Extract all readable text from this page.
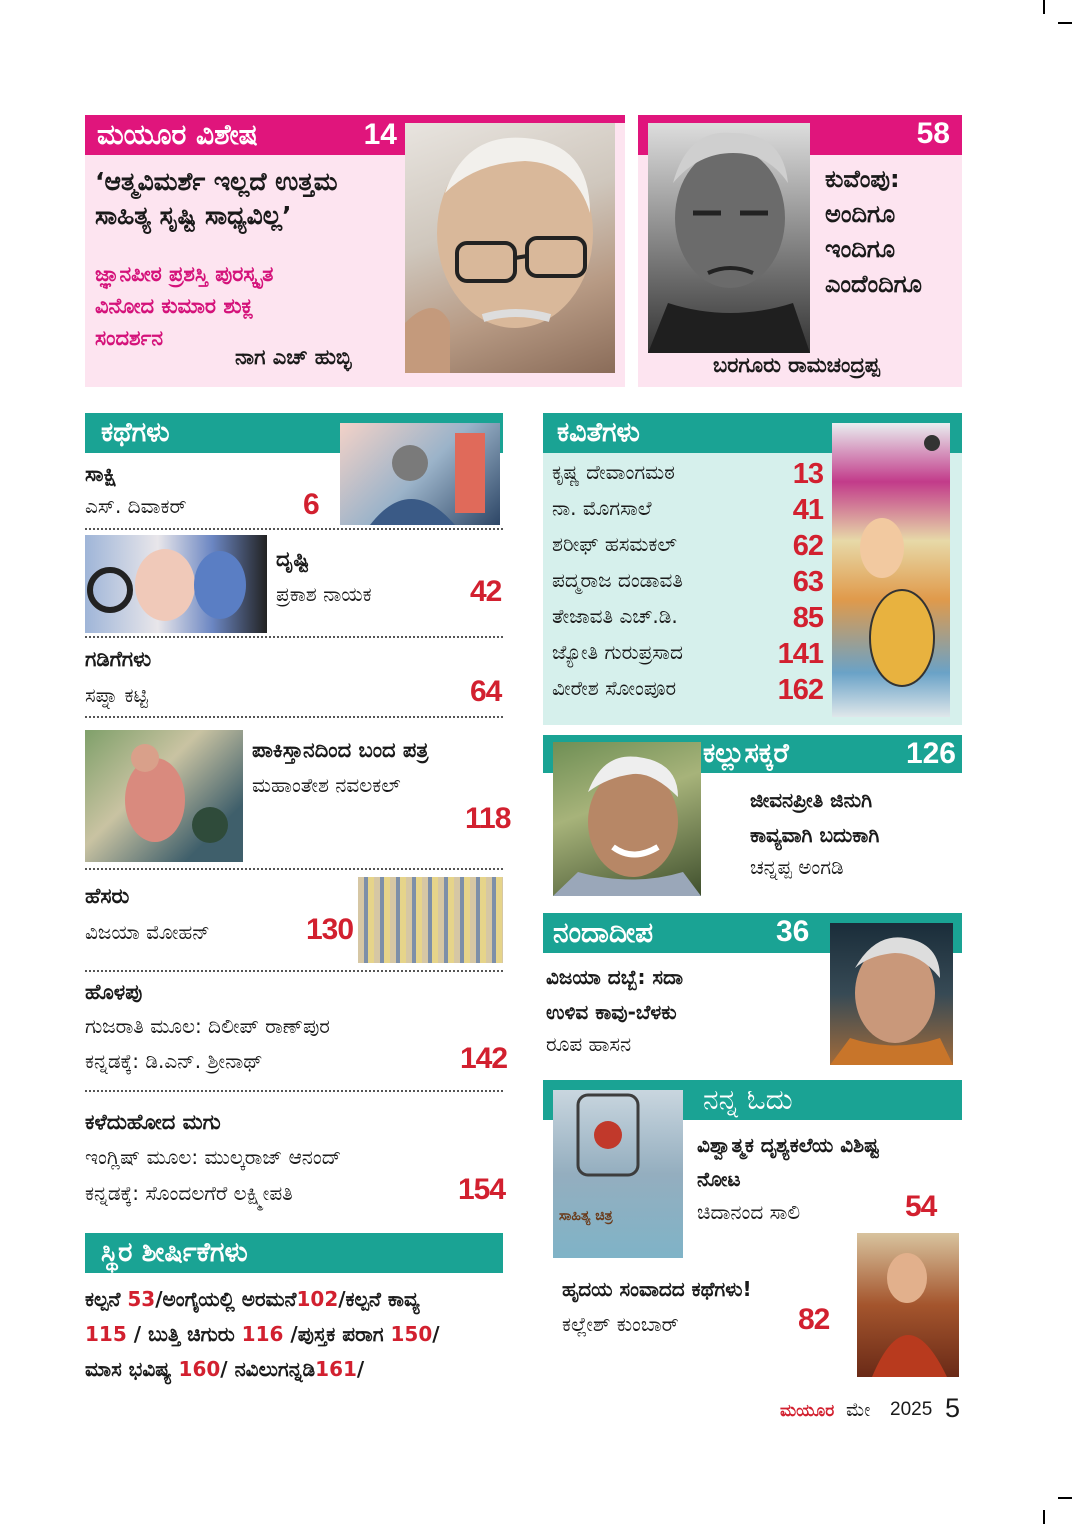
ಮಯೂರ ವಿಶೇಷ	14
‘ಆತ್ಮವಿಮರ್ಶೆ ಇಲ್ಲದೆ ಉತ್ತಮ
ಸಾಹಿತ್ಯ ಸೃಷ್ಟಿ ಸಾಧ್ಯವಿಲ್ಲ’
ಜ್ಞಾನಪೀಠ ಪ್ರಶಸ್ತಿ ಪುರಸ್ಕೃತ
ವಿನೋದ ಕುಮಾರ ಶುಕ್ಲ
ಸಂದರ್ಶನ
ನಾಗ ಎಚ್ ಹುಬ್ಳಿ
58
ಕುವೆಂಪು:
ಅಂದಿಗೂ
ಇಂದಿಗೂ
ಎಂದೆಂದಿಗೂ
ಬರಗೂರು ರಾಮಚಂದ್ರಪ್ಪ
ಕಥೆಗಳು
ಸಾಕ್ಷಿ
ಎಸ್. ದಿವಾಕರ್	6
ದೃಷ್ಟಿ
ಪ್ರಕಾಶ ನಾಯಕ	42
ಗಡಿಗೆಗಳು
ಸಪ್ನಾ ಕಟ್ಟಿ	64
ಪಾಕಿಸ್ತಾನದಿಂದ ಬಂದ ಪತ್ರ
ಮಹಾಂತೇಶ ನವಲಕಲ್
118
ಹೆಸರು
ವಿಜಯಾ ಮೋಹನ್	130
ಹೊಳಪು
ಗುಜರಾತಿ ಮೂಲ: ದಿಲೀಪ್ ರಾಣ್‌ಪುರ
ಕನ್ನಡಕ್ಕೆ: ಡಿ.ಎನ್. ಶ್ರೀನಾಥ್	142
ಕಳೆದುಹೋದ ಮಗು
ಇಂಗ್ಲಿಷ್ ಮೂಲ: ಮುಲ್ಕರಾಜ್ ಆನಂದ್
ಕನ್ನಡಕ್ಕೆ: ಸೊಂದಲಗೆರೆ ಲಕ್ಷ್ಮೀಪತಿ	154
ಸ್ಥಿರ ಶೀರ್ಷಿಕೆಗಳು
ಕಲ್ಪನೆ 53/ಅಂಗೈಯಲ್ಲಿ ಅರಮನೆ102/ಕಲ್ಪನೆ ಕಾವ್ಯ
115 / ಬುತ್ತಿ ಚಿಗುರು 116 /ಪುಸ್ತಕ ಪರಾಗ 150/
ಮಾಸ ಭವಿಷ್ಯ 160/ ನವಿಲುಗನ್ನಡಿ161/
ಕವಿತೆಗಳು
ಕೃಷ್ಣ ದೇವಾಂಗಮಠ	13
ನಾ. ಮೊಗಸಾಲೆ	41
ಶರೀಫ್ ಹಸಮಕಲ್	62
ಪದ್ಮರಾಜ ದಂಡಾವತಿ	63
ತೇಜಾವತಿ ಎಚ್.ಡಿ.	85
ಜ್ಯೋತಿ ಗುರುಪ್ರಸಾದ	141
ವೀರೇಶ ಸೋಂಪೂರ	162
ಕಲ್ಲುಸಕ್ಕರೆ	126
ಜೀವನಪ್ರೀತಿ ಜಿನುಗಿ
ಕಾವ್ಯವಾಗಿ ಬದುಕಾಗಿ
ಚನ್ನಪ್ಪ ಅಂಗಡಿ
ನಂದಾದೀಪ	36
ವಿಜಯಾ ದಬ್ಬೆ: ಸದಾ
ಉಳಿವ ಕಾವು-ಬೆಳಕು
ರೂಪ ಹಾಸನ
ನನ್ನ ಓದು
ಸಾಹಿತ್ಯ ಚಿತ್ರ
ವಿಶ್ವಾತ್ಮಕ ದೃಶ್ಯಕಲೆಯ ವಿಶಿಷ್ಟ
ನೋಟ
ಚಿದಾನಂದ ಸಾಲಿ	54
ಹೃದಯ ಸಂವಾದದ ಕಥೆಗಳು!
ಕಲ್ಲೇಶ್ ಕುಂಬಾರ್	82
ಮಯೂರ ಮೇ 2025 5
